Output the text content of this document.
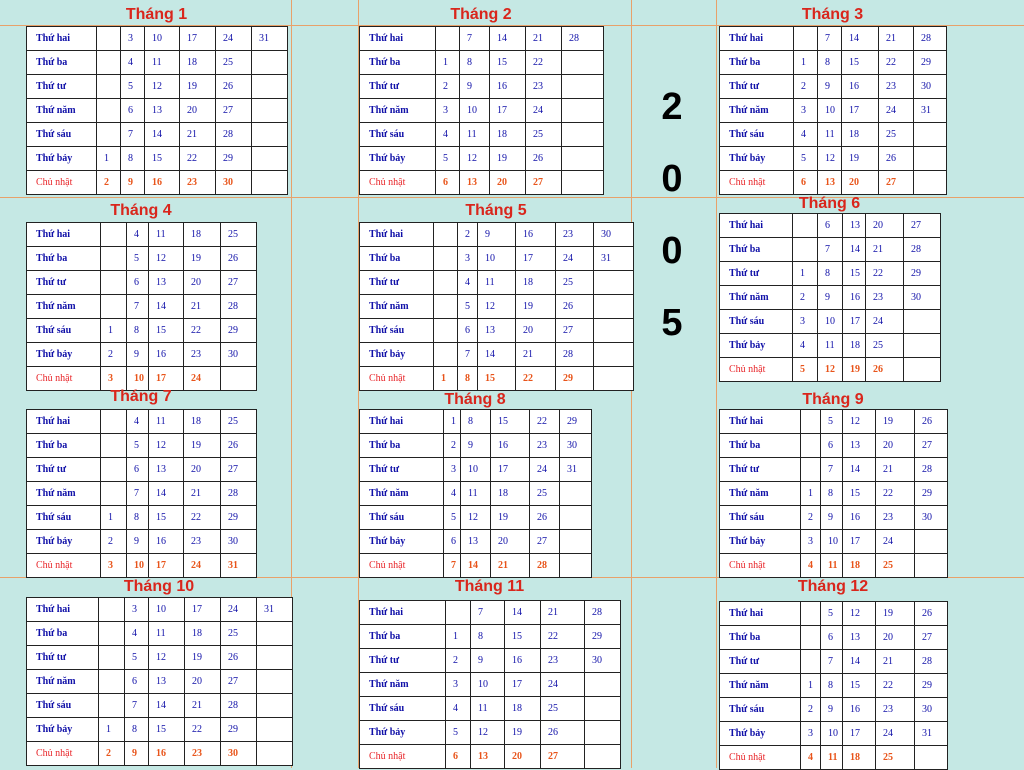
2
0
0
5
Tháng 1
Thứ hai		3	10	17	24	31
Thứ ba		4	11	18	25	
Thứ tư		5	12	19	26	
Thứ năm		6	13	20	27	
Thứ sáu		7	14	21	28	
Thứ bảy	1	8	15	22	29	
Chủ nhật	2	9	16	23	30	
Tháng 2
Thứ hai		7	14	21	28
Thứ ba	1	8	15	22	
Thứ tư	2	9	16	23	
Thứ năm	3	10	17	24	
Thứ sáu	4	11	18	25	
Thứ bảy	5	12	19	26	
Chủ nhật	6	13	20	27	
Tháng 3
Thứ hai		7	14	21	28
Thứ ba	1	8	15	22	29
Thứ tư	2	9	16	23	30
Thứ năm	3	10	17	24	31
Thứ sáu	4	11	18	25	
Thứ bảy	5	12	19	26	
Chủ nhật	6	13	20	27	
Tháng 4
Thứ hai		4	11	18	25
Thứ ba		5	12	19	26
Thứ tư		6	13	20	27
Thứ năm		7	14	21	28
Thứ sáu	1	8	15	22	29
Thứ bảy	2	9	16	23	30
Chủ nhật	3	10	17	24	
Tháng 5
Thứ hai		2	9	16	23	30
Thứ ba		3	10	17	24	31
Thứ tư		4	11	18	25	
Thứ năm		5	12	19	26	
Thứ sáu		6	13	20	27	
Thứ bảy		7	14	21	28	
Chủ nhật	1	8	15	22	29	
Tháng 6
Thứ hai		6	13	20	27
Thứ ba		7	14	21	28
Thứ tư	1	8	15	22	29
Thứ năm	2	9	16	23	30
Thứ sáu	3	10	17	24	
Thứ bảy	4	11	18	25	
Chủ nhật	5	12	19	26	
Tháng 7
Thứ hai		4	11	18	25
Thứ ba		5	12	19	26
Thứ tư		6	13	20	27
Thứ năm		7	14	21	28
Thứ sáu	1	8	15	22	29
Thứ bảy	2	9	16	23	30
Chủ nhật	3	10	17	24	31
Tháng 8
Thứ hai	1	8	15	22	29
Thứ ba	2	9	16	23	30
Thứ tư	3	10	17	24	31
Thứ năm	4	11	18	25	
Thứ sáu	5	12	19	26	
Thứ bảy	6	13	20	27	
Chủ nhật	7	14	21	28	
Tháng 9
Thứ hai		5	12	19	26
Thứ ba		6	13	20	27
Thứ tư		7	14	21	28
Thứ năm	1	8	15	22	29
Thứ sáu	2	9	16	23	30
Thứ bảy	3	10	17	24	
Chủ nhật	4	11	18	25	
Tháng 10
Thứ hai		3	10	17	24	31
Thứ ba		4	11	18	25	
Thứ tư		5	12	19	26	
Thứ năm		6	13	20	27	
Thứ sáu		7	14	21	28	
Thứ bảy	1	8	15	22	29	
Chủ nhật	2	9	16	23	30	
Tháng 11
Thứ hai		7	14	21	28
Thứ ba	1	8	15	22	29
Thứ tư	2	9	16	23	30
Thứ năm	3	10	17	24	
Thứ sáu	4	11	18	25	
Thứ bảy	5	12	19	26	
Chủ nhật	6	13	20	27	
Tháng 12
Thứ hai		5	12	19	26
Thứ ba		6	13	20	27
Thứ tư		7	14	21	28
Thứ năm	1	8	15	22	29
Thứ sáu	2	9	16	23	30
Thứ bảy	3	10	17	24	31
Chủ nhật	4	11	18	25	
